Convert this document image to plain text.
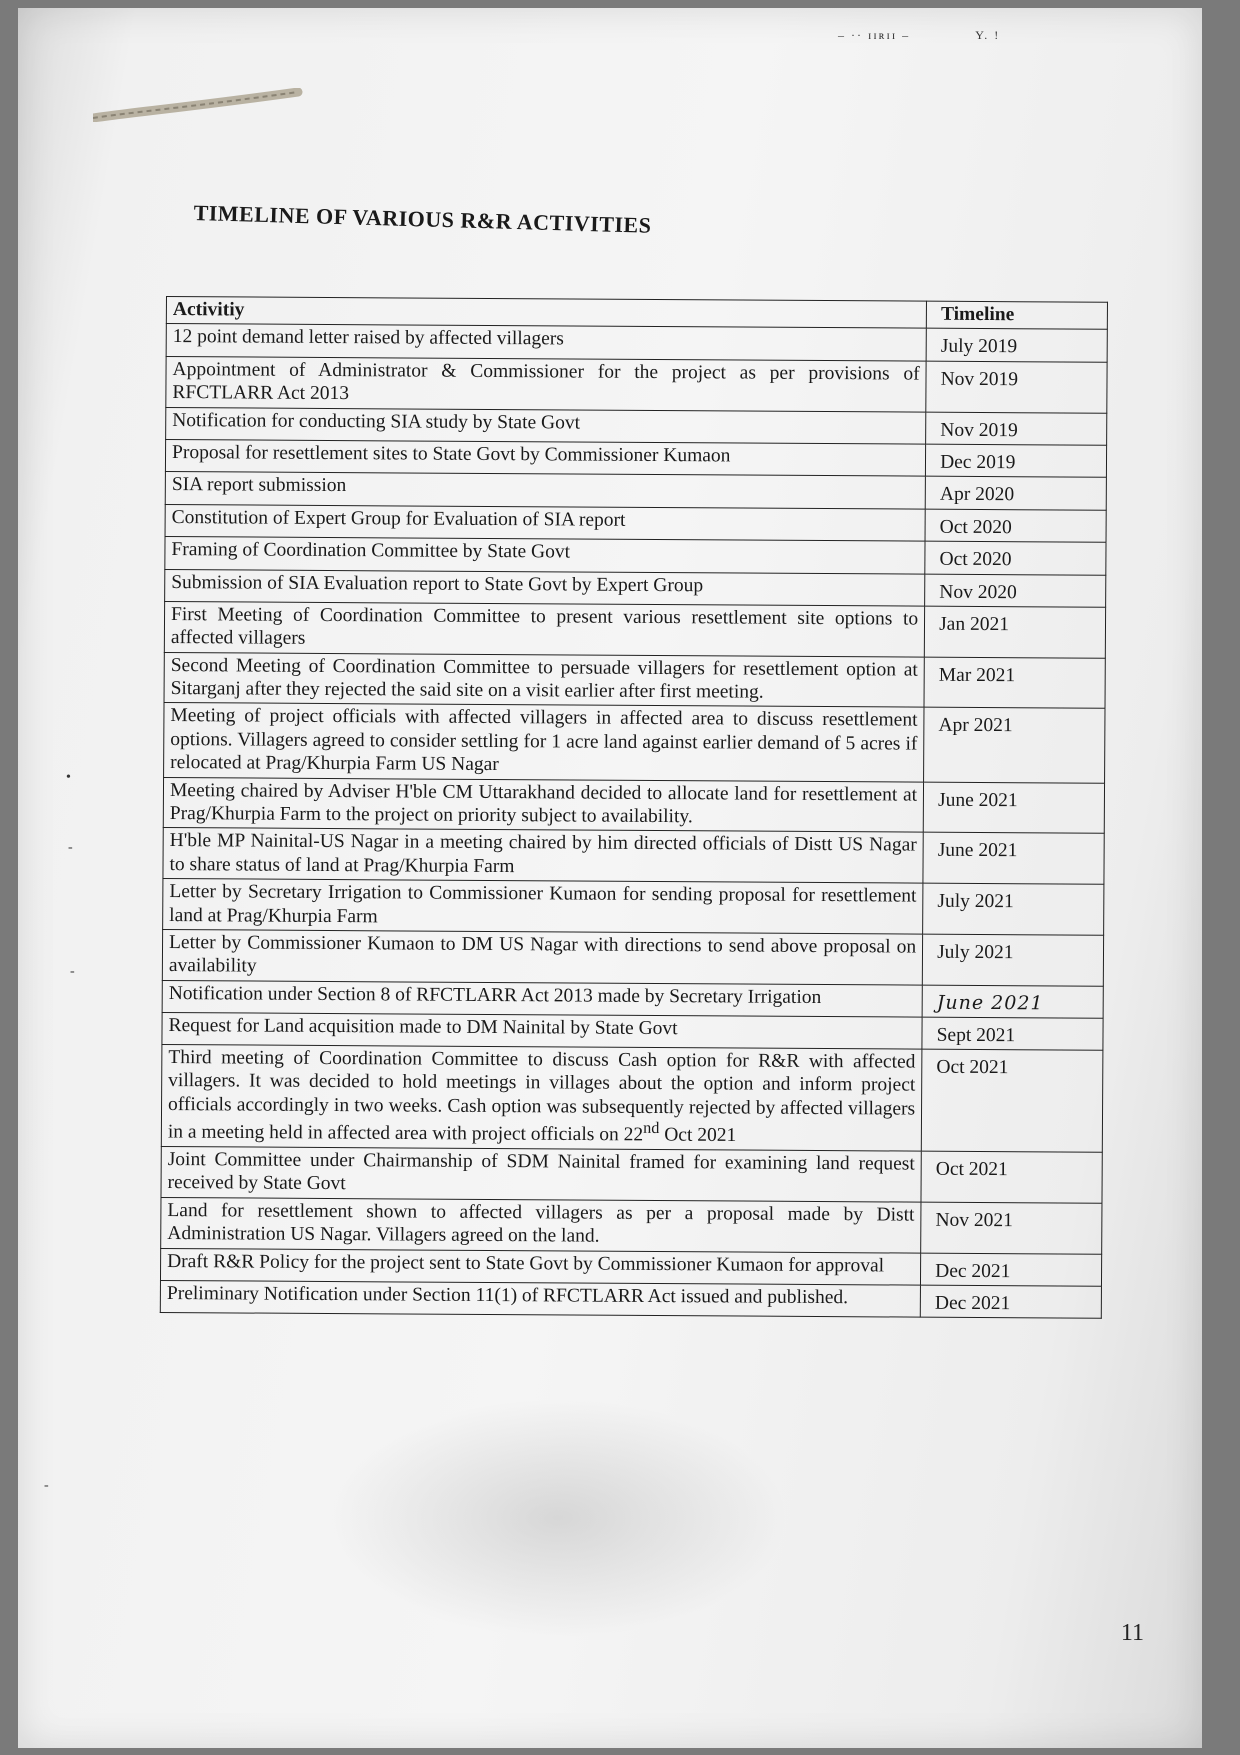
‒ ·· ɪɪʀɪɪ ‒	Y. !
TIMELINE OF VARIOUS R&R ACTIVITIES
Activitiy	Timeline
12 point demand letter raised by affected villagers	July 2019
Appointment of Administrator & Commissioner for the project as per provisions of RFCTLARR Act 2013	Nov 2019
Notification for conducting SIA study by State Govt	Nov 2019
Proposal for resettlement sites to State Govt by Commissioner Kumaon	Dec 2019
SIA report submission	Apr 2020
Constitution of Expert Group for Evaluation of SIA report	Oct 2020
Framing of Coordination Committee by State Govt	Oct 2020
Submission of SIA Evaluation report to State Govt by Expert Group	Nov 2020
First Meeting of Coordination Committee to present various resettlement site options to affected villagers	Jan 2021
Second Meeting of Coordination Committee to persuade villagers for resettlement option at Sitarganj after they rejected the said site on a visit earlier after first meeting.	Mar 2021
Meeting of project officials with affected villagers in affected area to discuss resettlement options. Villagers agreed to consider settling for 1 acre land against earlier demand of 5 acres if relocated at Prag/Khurpia Farm US Nagar	Apr 2021
Meeting chaired by Adviser H'ble CM Uttarakhand decided to allocate land for resettlement at Prag/Khurpia Farm to the project on priority subject to availability.	June 2021
H'ble MP Nainital-US Nagar in a meeting chaired by him directed officials of Distt US Nagar to share status of land at Prag/Khurpia Farm	June 2021
Letter by Secretary Irrigation to Commissioner Kumaon for sending proposal for resettlement land at Prag/Khurpia Farm	July 2021
Letter by Commissioner Kumaon to DM US Nagar with directions to send above proposal on availability	July 2021
Notification under Section 8 of RFCTLARR Act 2013 made by Secretary Irrigation	June 2021
Request for Land acquisition made to DM Nainital by State Govt	Sept 2021
Third meeting of Coordination Committee to discuss Cash option for R&R with affected villagers. It was decided to hold meetings in villages about the option and inform project officials accordingly in two weeks. Cash option was subsequently rejected by affected villagers in a meeting held in affected area with project officials on 22nd Oct 2021	Oct 2021
Joint Committee under Chairmanship of SDM Nainital framed for examining land request received by State Govt	Oct 2021
Land for resettlement shown to affected villagers as per a proposal made by Distt Administration US Nagar. Villagers agreed on the land.	Nov 2021
Draft R&R Policy for the project sent to State Govt by Commissioner Kumaon for approval	Dec 2021
Preliminary Notification under Section 11(1) of RFCTLARR Act issued and published.	Dec 2021
•
-
-
-
11
